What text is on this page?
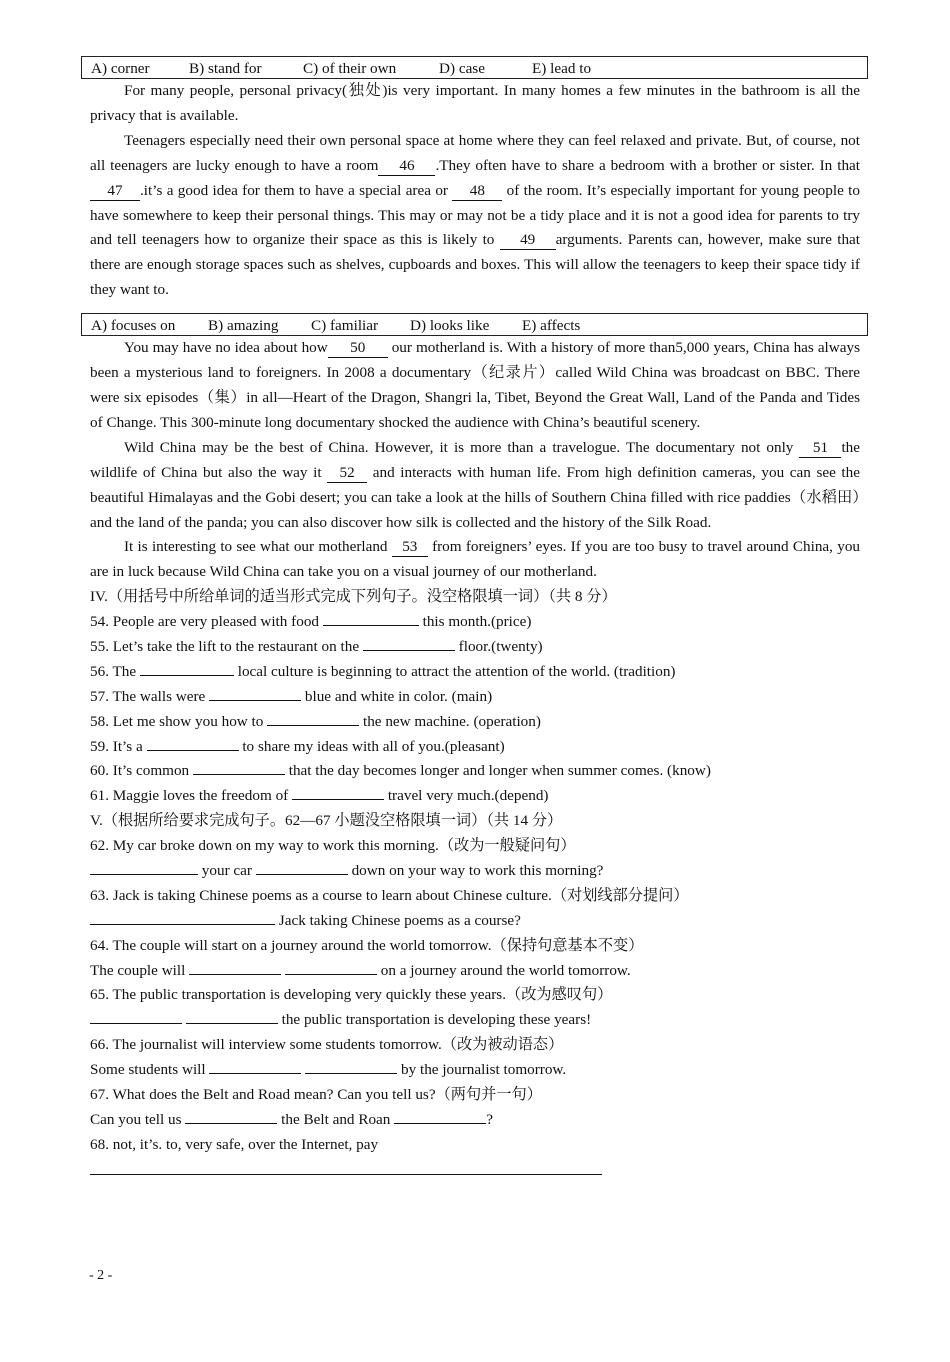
A) corner	B) stand for	C) of their own	D) case	E) lead to

For many people, personal privacy(独处)is very important. In many homes a few minutes in the bathroom is all the privacy that is available.

Teenagers especially need their own personal space at home where they can feel relaxed and private. But, of course, not all teenagers are lucky enough to have a room 46 .They often have to share a bedroom with a brother or sister. In that 47 .it’s a good idea for them to have a special area or 48 of the room. It’s especially important for young people to have somewhere to keep their personal things. This may or may not be a tidy place and it is not a good idea for parents to try and tell teenagers how to organize their space as this is likely to 49 arguments. Parents can, however, make sure that there are enough storage spaces such as shelves, cupboards and boxes. This will allow the teenagers to keep their space tidy if they want to.

A) focuses on	B) amazing	C) familiar	D) looks like	E) affects

You may have no idea about how 50 our motherland is. With a history of more than5,000 years, China has always been a mysterious land to foreigners. In 2008 a documentary（纪录片）called Wild China was broadcast on BBC. There were six episodes（集）in all—Heart of the Dragon, Shangri la, Tibet, Beyond the Great Wall, Land of the Panda and Tides of Change. This 300-minute long documentary shocked the audience with China’s beautiful scenery.

Wild China may be the best of China. However, it is more than a travelogue. The documentary not only 51 the wildlife of China but also the way it 52 and interacts with human life. From high definition cameras, you can see the beautiful Himalayas and the Gobi desert; you can take a look at the hills of Southern China filled with rice paddies（水稻田）and the land of the panda; you can also discover how silk is collected and the history of the Silk Road.

It is interesting to see what our motherland 53 from foreigners’ eyes. If you are too busy to travel around China, you are in luck because Wild China can take you on a visual journey of our motherland.

IV.（用括号中所给单词的适当形式完成下列句子。没空格限填一词）（共 8 分）

54. People are very pleased with food	this month.(price)

55. Let’s take the lift to the restaurant on the	floor.(twenty)

56. The	local culture is beginning to attract the attention of the world. (tradition)

57. The walls were	blue and white in color. (main)

58. Let me show you how to	the new machine. (operation)

59. It’s a	to share my ideas with all of you.(pleasant)

60. It’s common	that the day becomes longer and longer when summer comes. (know)

61. Maggie loves the freedom of	travel very much.(depend)

V.（根据所给要求完成句子。62—67 小题没空格限填一词）（共 14 分）

62. My car broke down on my way to work this morning.（改为一般疑问句）

your car	down on your way to work this morning?

63. Jack is taking Chinese poems as a course to learn about Chinese culture.（对划线部分提问）

Jack taking Chinese poems as a course?

64. The couple will start on a journey around the world tomorrow.（保持句意基本不变）

The couple will	on a journey around the world tomorrow.

65. The public transportation is developing very quickly these years.（改为感叹句）

the public transportation is developing these years!

66. The journalist will interview some students tomorrow.（改为被动语态）

Some students will	by the journalist tomorrow.

67. What does the Belt and Road mean? Can you tell us?（两句并一句）

Can you tell us	the Belt and Roan	?

68. not, it’s. to, very safe, over the Internet, pay

- 2 -
